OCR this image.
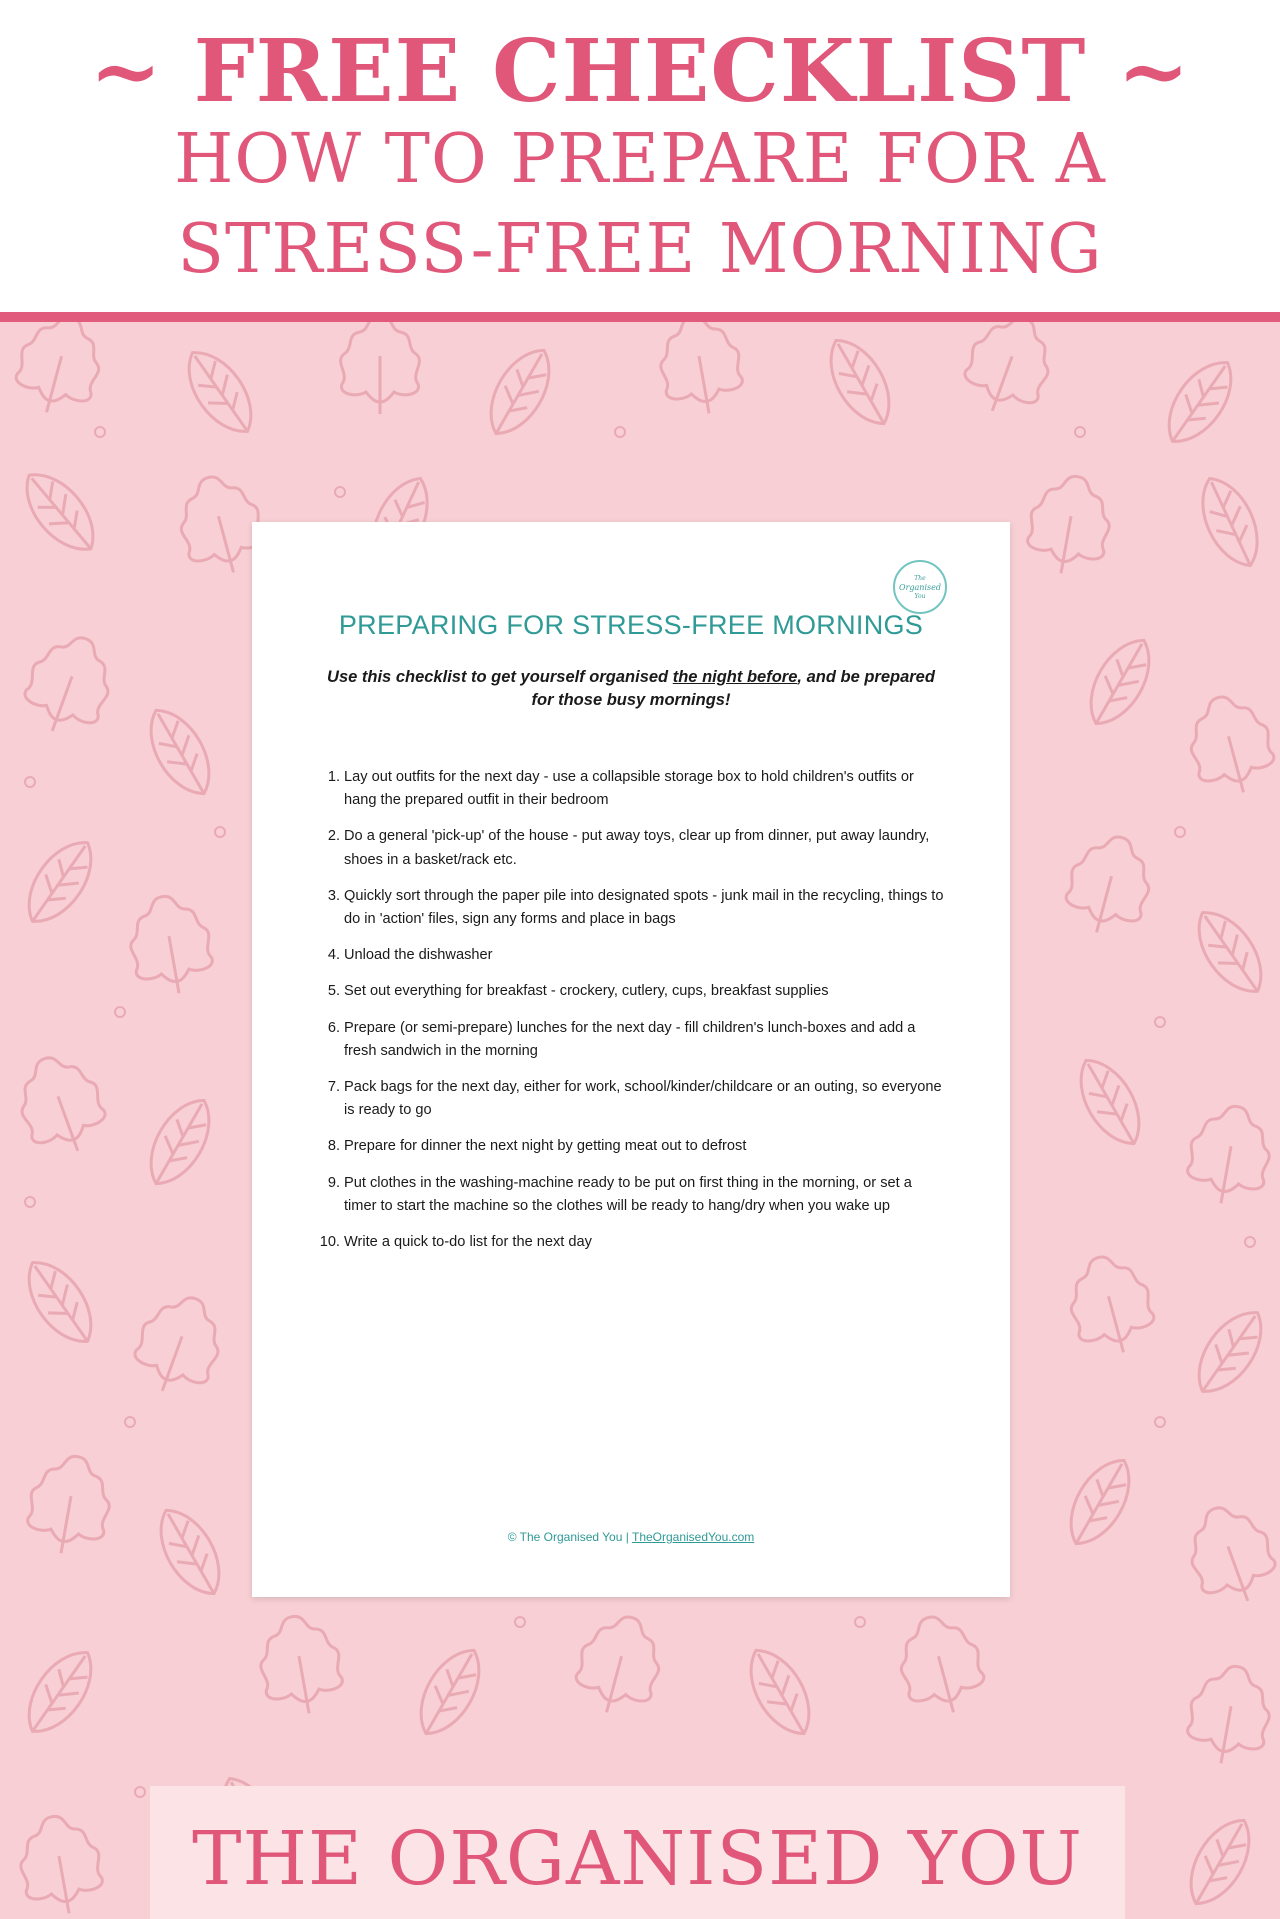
~ FREE CHECKLIST ~
HOW TO PREPARE FOR A
STRESS-FREE MORNING
The
Organised
You
PREPARING FOR STRESS-FREE MORNINGS
Use this checklist to get yourself organised the night before, and be prepared for those busy mornings!
1. Lay out outfits for the next day - use a collapsible storage box to hold children's outfits or hang the prepared outfit in their bedroom
2. Do a general 'pick-up' of the house - put away toys, clear up from dinner, put away laundry, shoes in a basket/rack etc.
3. Quickly sort through the paper pile into designated spots - junk mail in the recycling, things to do in 'action' files, sign any forms and place in bags
4. Unload the dishwasher
5. Set out everything for breakfast - crockery, cutlery, cups, breakfast supplies
6. Prepare (or semi-prepare) lunches for the next day - fill children's lunch-boxes and add a fresh sandwich in the morning
7. Pack bags for the next day, either for work, school/kinder/childcare or an outing, so everyone is ready to go
8. Prepare for dinner the next night by getting meat out to defrost
9. Put clothes in the washing-machine ready to be put on first thing in the morning, or set a timer to start the machine so the clothes will be ready to hang/dry when you wake up
10. Write a quick to-do list for the next day
© The Organised You | TheOrganisedYou.com
THE ORGANISED YOU
